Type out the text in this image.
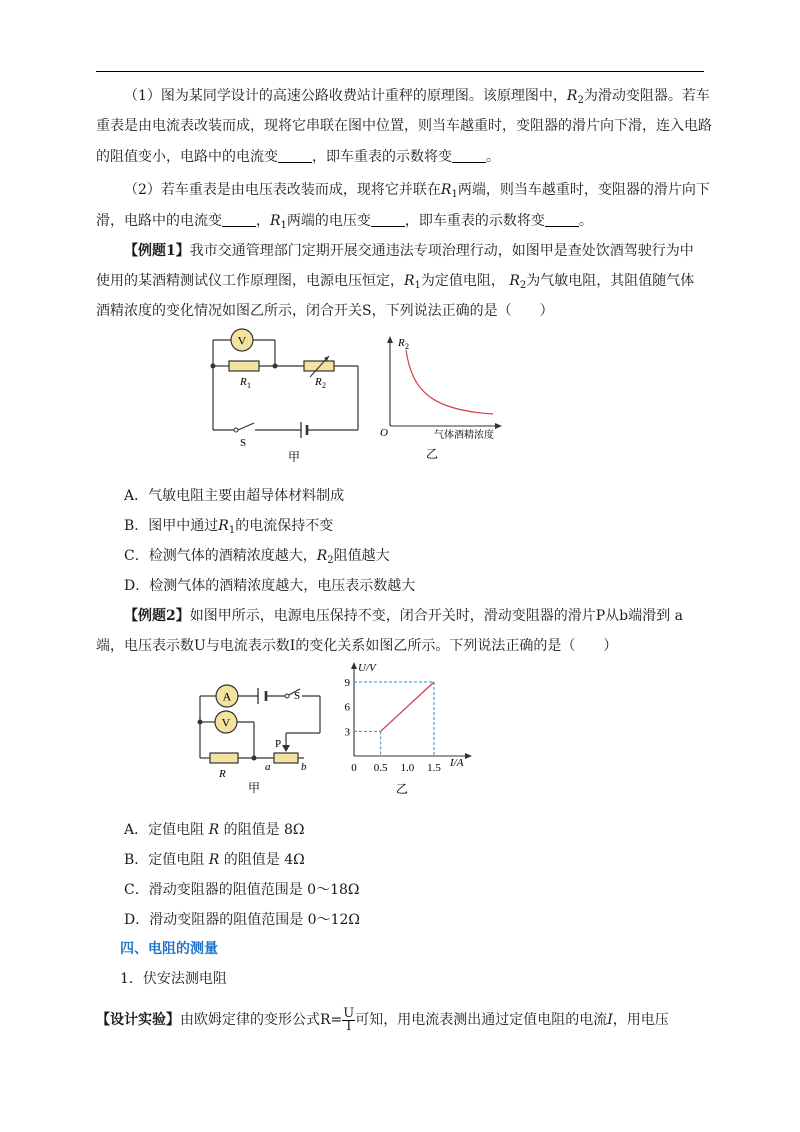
（1）图为某同学设计的高速公路收费站计重秤的原理图。该原理图中，$R_2$为滑动变阻器。若车
重表是由电流表改装而成，现将它串联在图中位置，则当车越重时，变阻器的滑片向下滑，连入电路
的阻值变小，电路中的电流变 ，即车重表的示数将变 。
（2）若车重表是由电压表改装而成，现将它并联在$R_1$两端，则当车越重时，变阻器的滑片向下
滑，电路中的电流变 ，$R_1$两端的电压变 ，即车重表的示数将变 。
【例题1】我市交通管理部门定期开展交通违法专项治理行动，如图甲是查处饮酒驾驶行为中
使用的某酒精测试仪工作原理图，电源电压恒定，$R_1$为定值电阻， $R_2$为气敏电阻，其阻值随气体
酒精浓度的变化情况如图乙所示，闭合开关S，下列说法正确的是（　　）
V
R 1	R 2
S
甲
R 2
O	气体酒精浓度
乙
A．气敏电阻主要由超导体材料制成
B．图甲中通过$R_1$的电流保持不变
C．检测气体的酒精浓度越大，$R_2$阻值越大
D．检测气体的酒精浓度越大，电压表示数越大
【例题2】如图甲所示，电源电压保持不变，闭合开关时，滑动变阻器的滑片P从b端滑到 a
端，电压表示数U与电流表示数I的变化关系如图乙所示。下列说法正确的是（　　）
A
V
S
R
P
a	b
甲
0 0.5 1.0 1.5
3
6
9
U/V
I/A
乙
A．定值电阻 R 的阻值是 8Ω
B．定值电阻 R 的阻值是 4Ω
C．滑动变阻器的阻值范围是 0～18Ω
D．滑动变阻器的阻值范围是 0～12Ω
四、电阻的测量
1．伏安法测电阻
【设计实验】由欧姆定律的变形公式$R= \frac{U}{I}$ 可知，用电流表测出通过定值电阻的电流I，用电压
